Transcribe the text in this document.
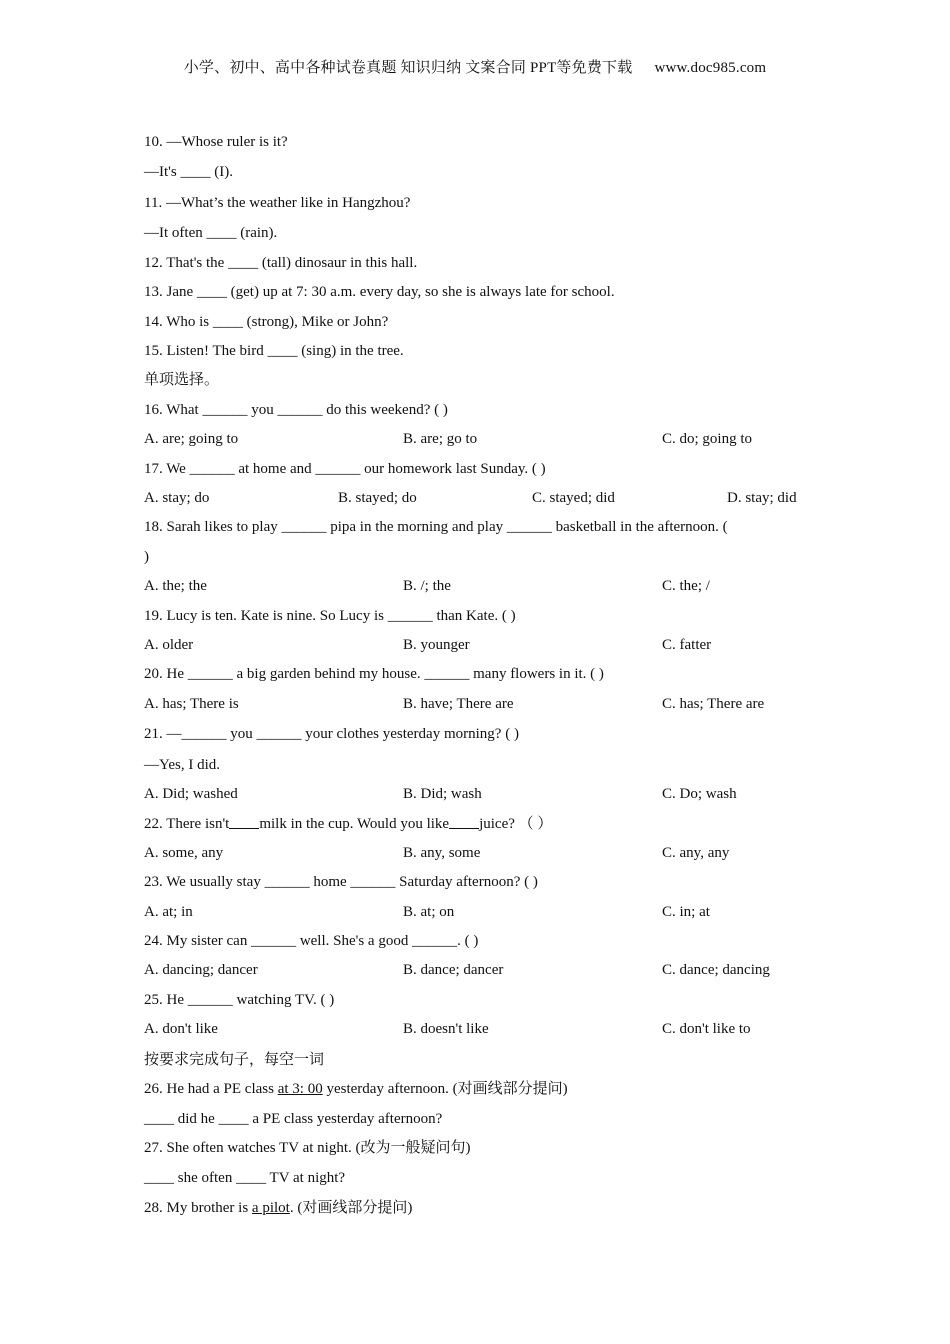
小学、初中、高中各种试卷真题 知识归纳 文案合同 PPT等免费下载 www.doc985.com
10. —Whose ruler is it?
—It's ____ (I).
11. —What’s the weather like in Hangzhou?
—It often ____ (rain).
12. That's the ____ (tall) dinosaur in this hall.
13. Jane ____ (get) up at 7: 30 a.m. every day, so she is always late for school.
14. Who is ____ (strong), Mike or John?
15. Listen! The bird ____ (sing) in the tree.
单项选择。
16. What ______ you ______ do this weekend? ( )
A. are; going to	B. are; go to	C. do; going to
17. We ______ at home and ______ our homework last Sunday. ( )
A. stay; do	B. stayed; do	C. stayed; did	D. stay; did
18. Sarah likes to play ______ pipa in the morning and play ______ basketball in the afternoon. (
)
A. the; the	B. /; the	C. the; /
19. Lucy is ten. Kate is nine. So Lucy is ______ than Kate. ( )
A. older	B. younger	C. fatter
20. He ______ a big garden behind my house. ______ many flowers in it. ( )
A. has; There is	B. have; There are	C. has; There are
21. —______ you ______ your clothes yesterday morning? ( )
—Yes, I did.
A. Did; washed	B. Did; wash	C. Do; wash
22. There isn't milk in the cup. Would you like juice? （ ）
A. some, any	B. any, some	C. any, any
23. We usually stay ______ home ______ Saturday afternoon? ( )
A. at; in	B. at; on	C. in; at
24. My sister can ______ well. She's a good ______. ( )
A. dancing; dancer	B. dance; dancer	C. dance; dancing
25. He ______ watching TV. ( )
A. don't like	B. doesn't like	C. don't like to
按要求完成句子，每空一词
26. He had a PE class at 3: 00 yesterday afternoon. (对画线部分提问)
____ did he ____ a PE class yesterday afternoon?
27. She often watches TV at night. (改为一般疑问句)
____ she often ____ TV at night?
28. My brother is a pilot. (对画线部分提问)
